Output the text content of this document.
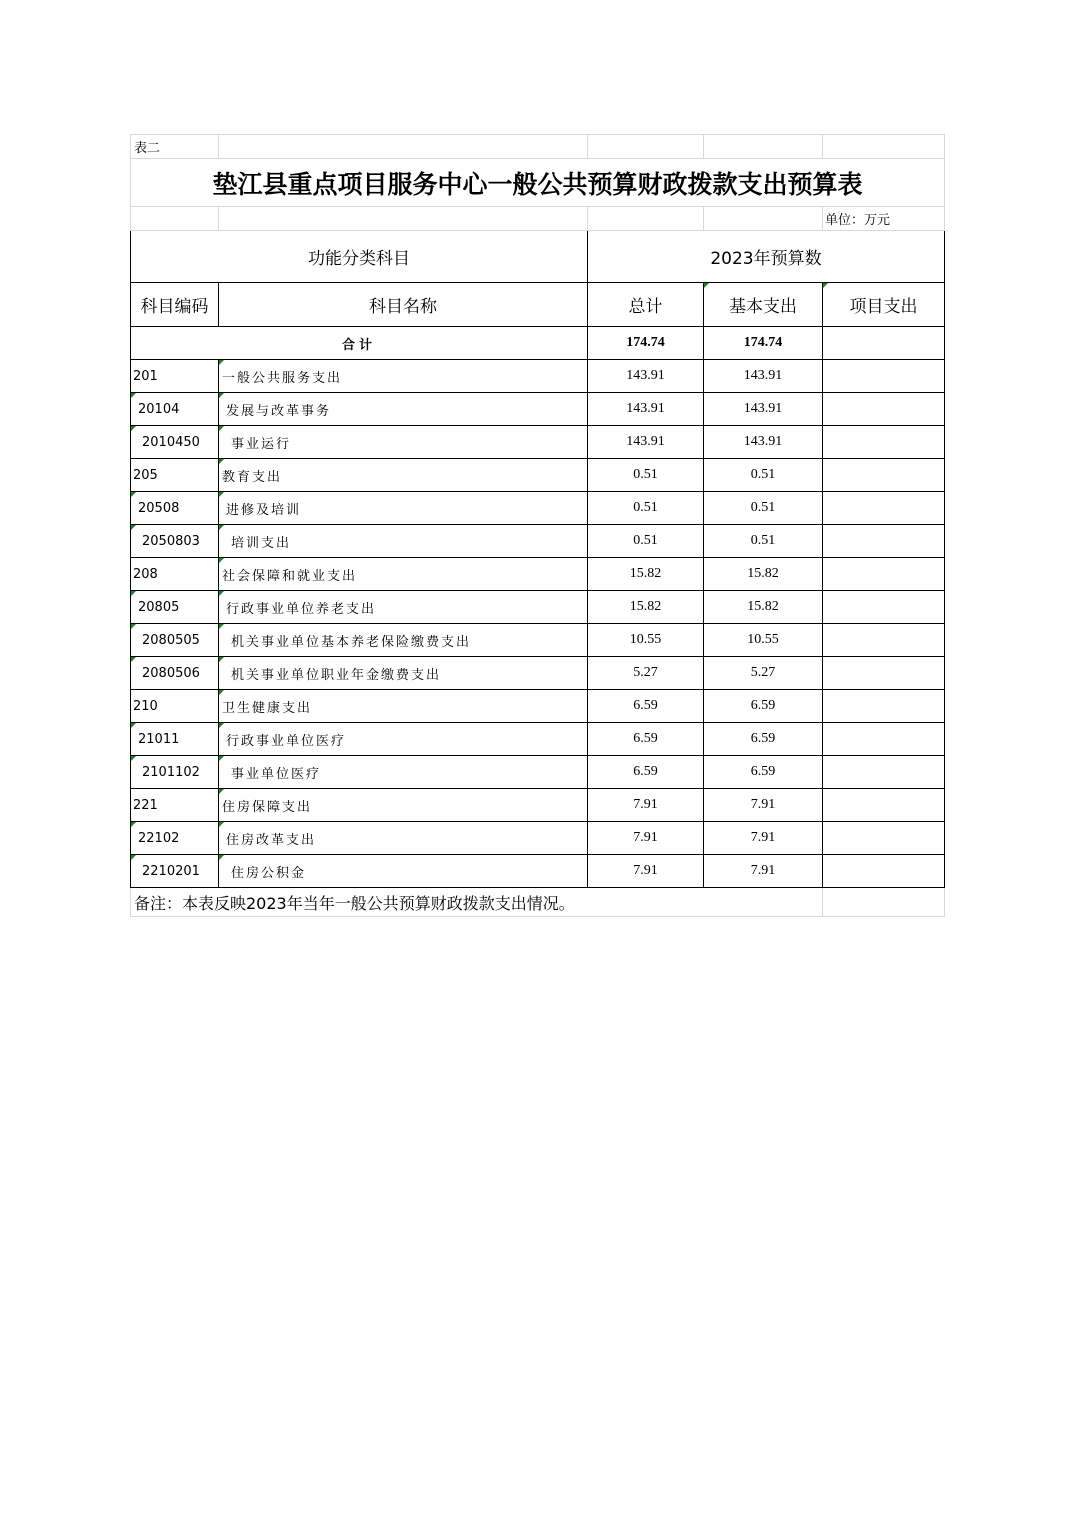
表二				
垫江县重点项目服务中心一般公共预算财政拨款支出预算表				
				单位：万元
功能分类科目		2023年预算数		
科目编码	科目名称	总计	基本支出	项目支出
合计		174.74	174.74	
201	一般公共服务支出	143.91	143.91	
20104	发展与改革事务	143.91	143.91	
2010450	事业运行	143.91	143.91	
205	教育支出	0.51	0.51	
20508	进修及培训	0.51	0.51	
2050803	培训支出	0.51	0.51	
208	社会保障和就业支出	15.82	15.82	
20805	行政事业单位养老支出	15.82	15.82	
2080505	机关事业单位基本养老保险缴费支出	10.55	10.55	
2080506	机关事业单位职业年金缴费支出	5.27	5.27	
210	卫生健康支出	6.59	6.59	
21011	行政事业单位医疗	6.59	6.59	
2101102	事业单位医疗	6.59	6.59	
221	住房保障支出	7.91	7.91	
22102	住房改革支出	7.91	7.91	
2210201	住房公积金	7.91	7.91	
备注：本表反映2023年当年一般公共预算财政拨款支出情况。				
